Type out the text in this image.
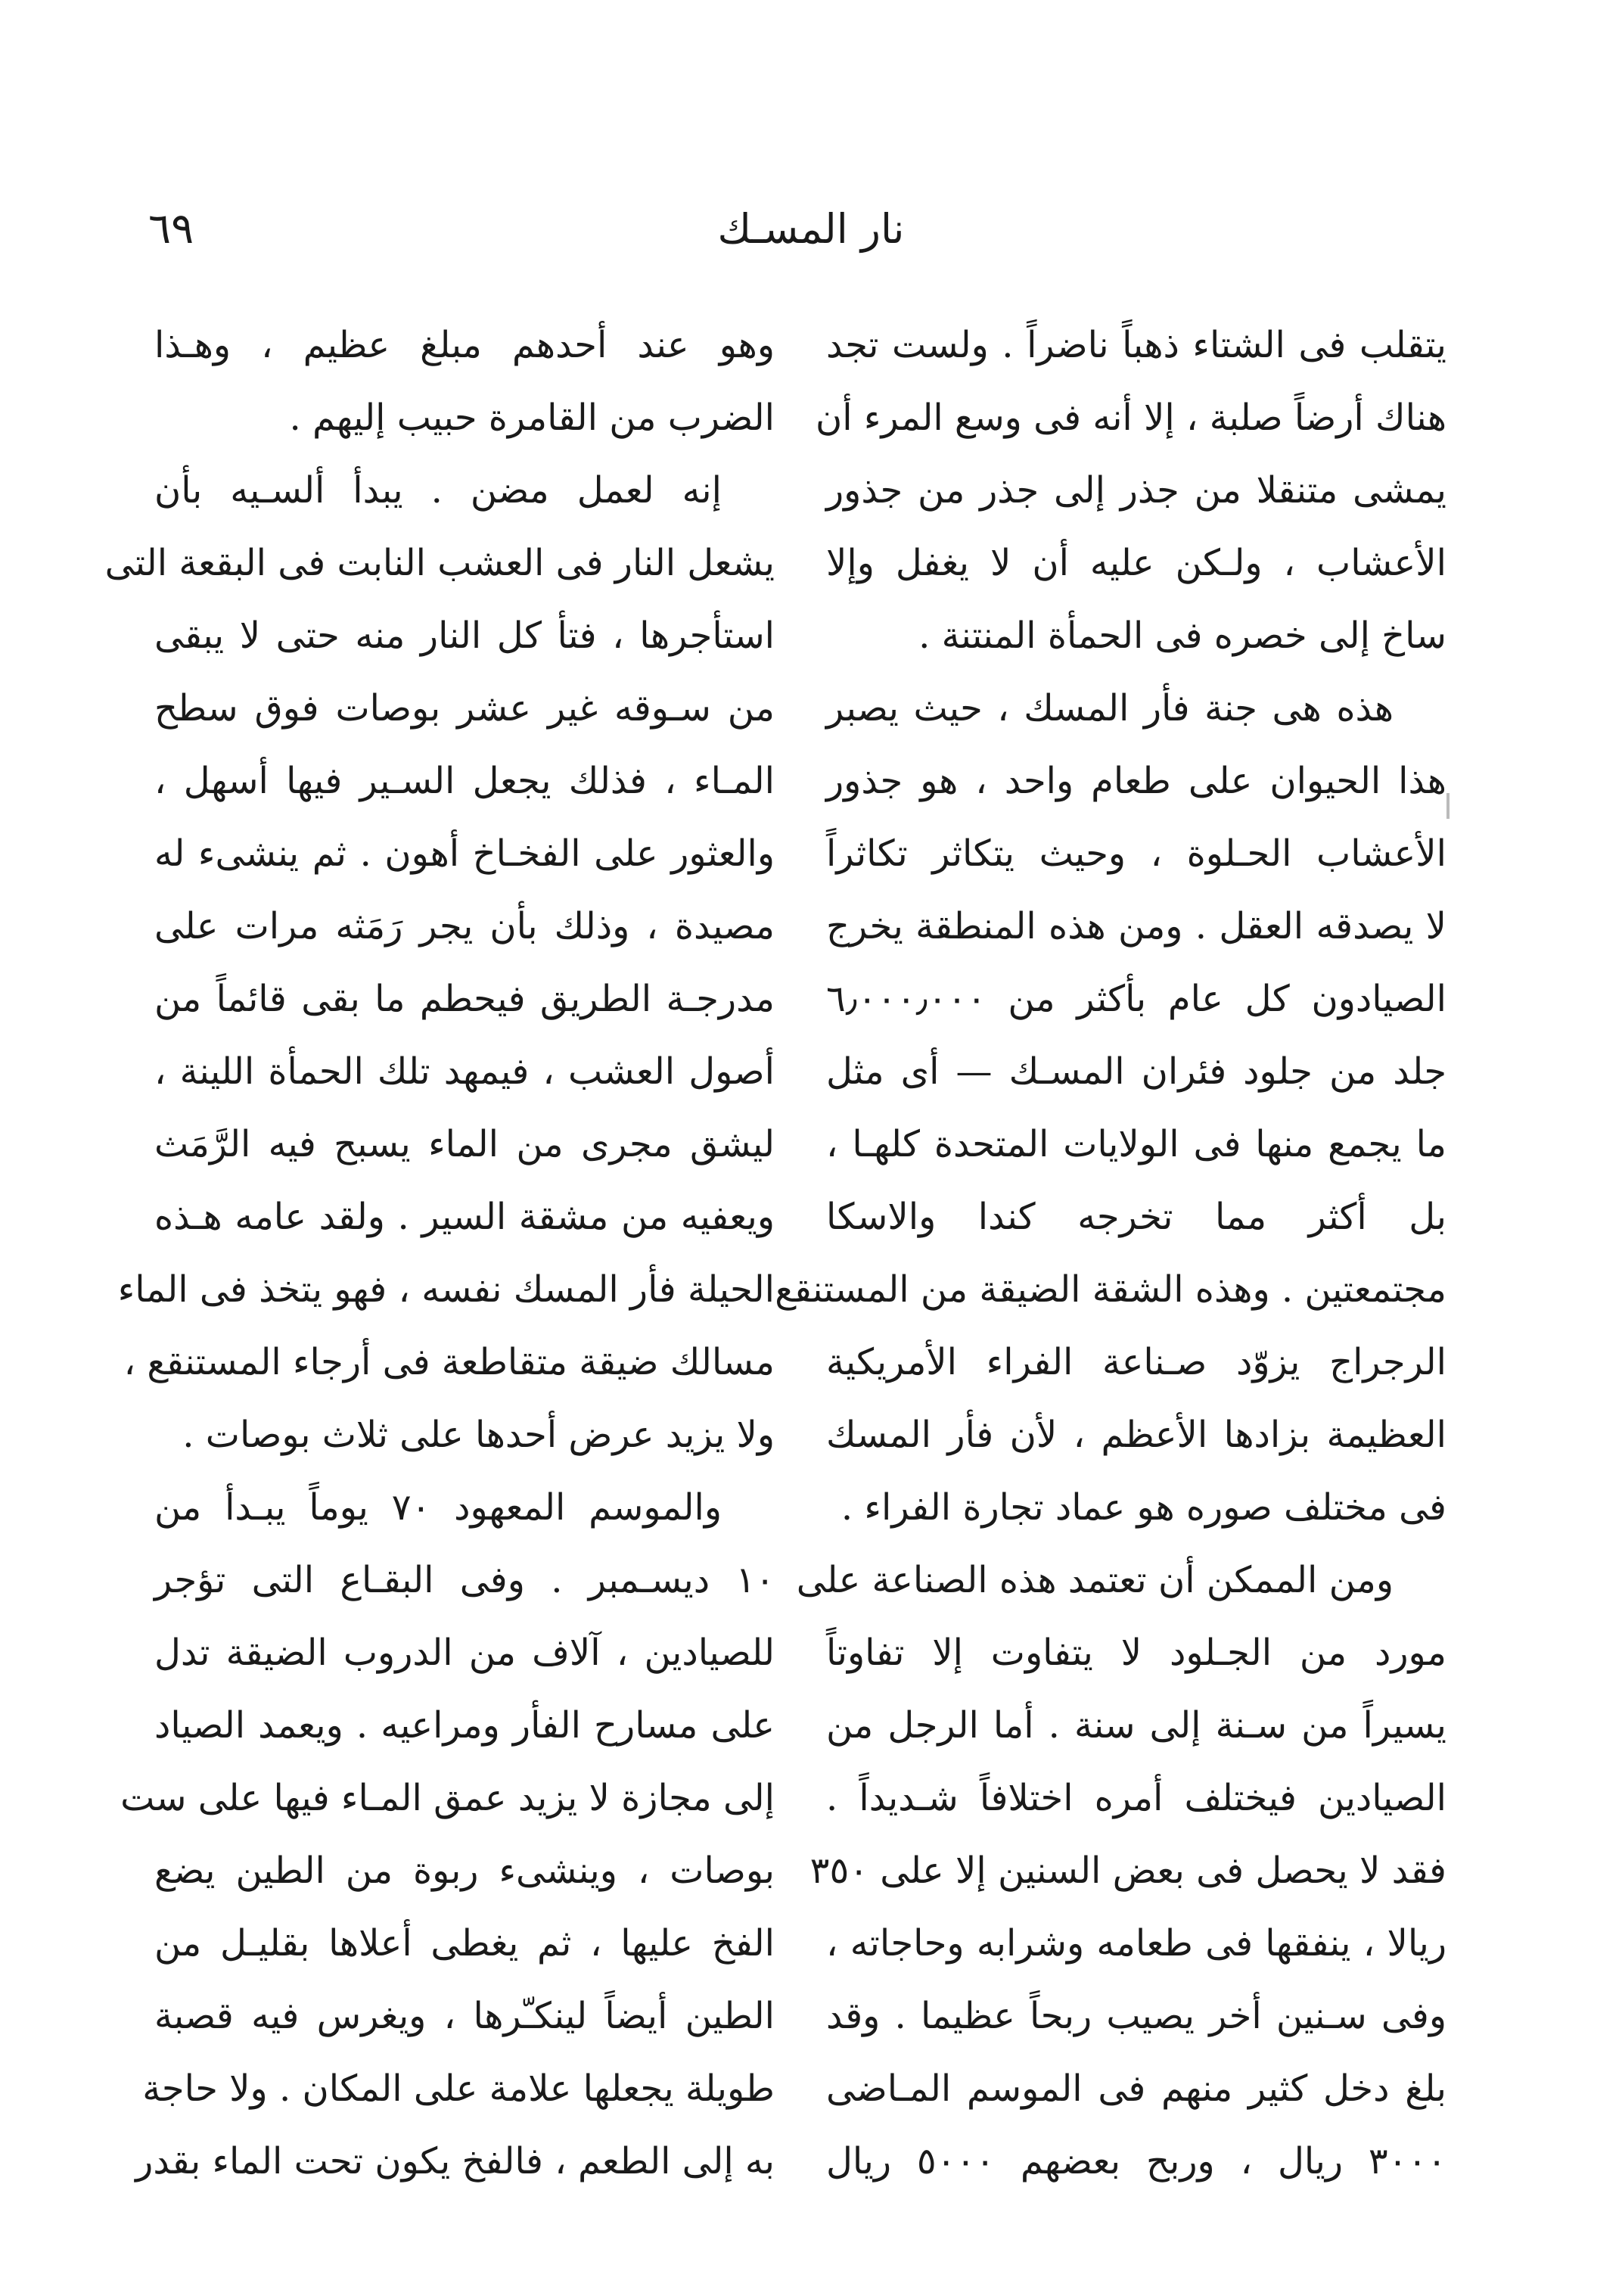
نار المسـك
٦٩
يتقلب فى الشتاء ذهباً ناضراً . ولست تجد
هناك أرضاً صلبة ، إلا أنه فى وسع المرء أن
يمشى متنقلا من جذر إلى جذر من جذور
الأعشاب ، ولـكن عليه أن لا يغفل وإلا
ساخ إلى خصره فى الحمأة المنتنة .
هذه هى جنة فأر المسك ، حيث يصبر
هذا الحيوان على طعام واحد ، هو جذور
الأعشاب الحـلوة ، وحيث يتكاثر تكاثراً
لا يصدقه العقل . ومن هذه المنطقة يخرج
الصيادون كل عام بأكثر من ٦٫٠٠٠٫٠٠٠
جلد من جلود فئران المسـك — أى مثل
ما يجمع منها فى الولايات المتحدة كلهـا ،
بل أكثر مما تخرجه كندا والاسكا
مجتمعتين . وهذه الشقة الضيقة من المستنقع
الرجراج يزوّد صـناعة الفراء الأمريكية
العظيمة بزادها الأعظم ، لأن فأر المسك
فى مختلف صوره هو عماد تجارة الفراء .
ومن الممكن أن تعتمد هذه الصناعة على
مورد من الجـلود لا يتفاوت إلا تفاوتاً
يسيراً من سـنة إلى سنة . أما الرجل من
الصيادين فيختلف أمره اختلافاً شـديداً .
فقد لا يحصل فى بعض السنين إلا على ٣٥٠
ريالا ، ينفقها فى طعامه وشرابه وحاجاته ،
وفى سـنين أخر يصيب ربحاً عظيما . وقد
بلغ دخل كثير منهم فى الموسم المـاضى
٣٠٠٠ ريال ، وربح بعضهم ٥٠٠٠ ريال
وهو عند أحدهم مبلغ عظيم ، وهـذا
الضرب من القامرة حبيب إليهم .
إنه لعمل مضن . يبدأ ألسـيه بأن
يشعل النار فى العشب النابت فى البقعة التى
استأجرها ، فتأ كل النار منه حتى لا يبقى
من سـوقه غير عشر بوصات فوق سطح
المـاء ، فذلك يجعل السـير فيها أسهل ،
والعثور على الفخـاخ أهون . ثم ينشىء له
مصيدة ، وذلك بأن يجر رَمَثه مرات على
مدرجـة الطريق فيحطم ما بقى قائماً من
أصول العشب ، فيمهد تلك الحمأة اللينة ،
ليشق مجرى من الماء يسبح فيه الرَّمَث
ويعفيه من مشقة السير . ولقد عامه هـذه
الحيلة فأر المسك نفسه ، فهو يتخذ فى الماء
مسالك ضيقة متقاطعة فى أرجاء المستنقع ،
ولا يزيد عرض أحدها على ثلاث بوصات .
والموسم المعهود ٧٠ يوماً يبـدأ من
١٠ ديسـمبر . وفى البقـاع التى تؤجر
للصيادين ، آلاف من الدروب الضيقة تدل
على مسارح الفأر ومراعيه . ويعمد الصياد
إلى مجازة لا يزيد عمق المـاء فيها على ست
بوصات ، وينشىء ربوة من الطين يضع
الفخ عليها ، ثم يغطى أعلاها بقليـل من
الطين أيضاً لينكـّرها ، ويغرس فيه قصبة
طويلة يجعلها علامة على المكان . ولا حاجة
به إلى الطعم ، فالفخ يكون تحت الماء بقدر
